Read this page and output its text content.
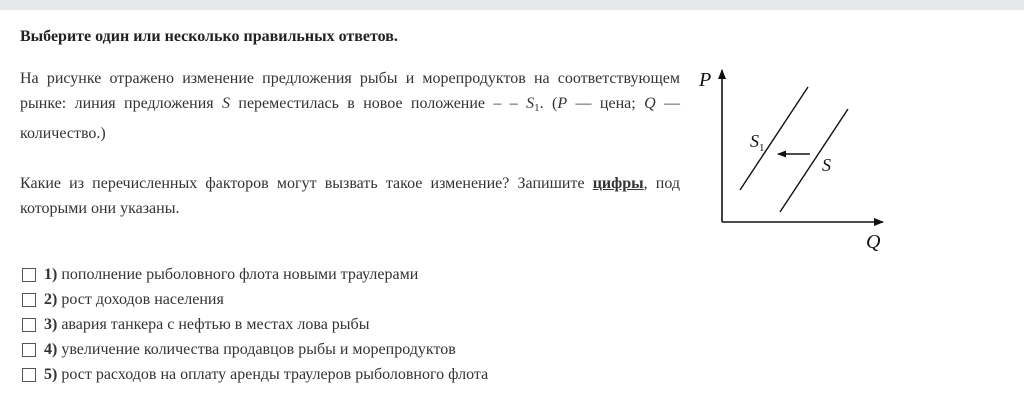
Выберите один или несколько правильных ответов.

На рисунке отражено изменение предложения рыбы и морепродуктов на соответствующем рынке: линия предложения S переместилась в новое положение – – $S_1$. (P –– цена; Q –– количество.)

Какие из перечисленных факторов могут вызвать такое изменение? Запишите цифры, под которыми они указаны.

P
Q
$S_1$
S
1) пополнение рыболовного флота новыми траулерами
2) рост доходов населения
3) авария танкера с нефтью в местах лова рыбы
4) увеличение количества продавцов рыбы и морепродуктов
5) рост расходов на оплату аренды траулеров рыболовного флота
